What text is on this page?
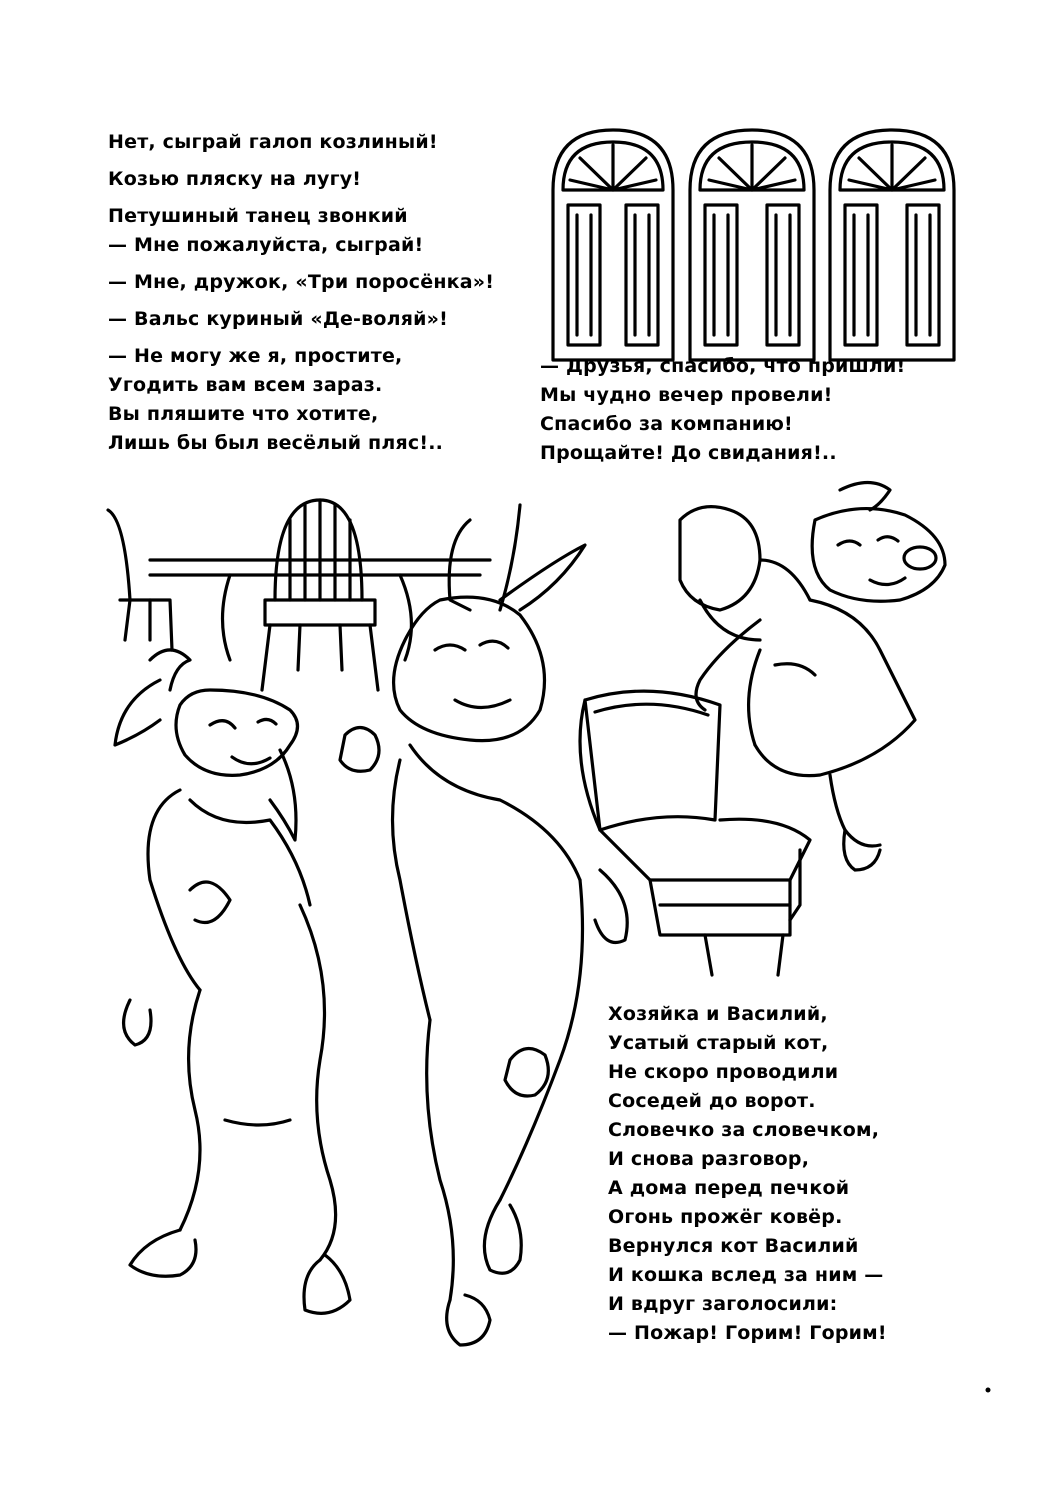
Нет, сыграй галоп козлиный!
Козью пляску на лугу!
Петушиный танец звонкий
— Мне пожалуйста, сыграй!
— Мне, дружок, «Три поросёнка»!
— Вальс куриный «Де-воляй»!
— Не могу же я, простите,
Угодить вам всем зараз.
Вы пляшите что хотите,
Лишь бы был весёлый пляс!..
— Друзья, спасибо, что пришли!
Мы чудно вечер провели!
Спасибо за компанию!
Прощайте! До свидания!..
Хозяйка и Василий,
Усатый старый кот,
Не скоро проводили
Соседей до ворот.
Словечко за словечком,
И снова разговор,
А дома перед печкой
Огонь прожёг ковёр.
Вернулся кот Василий
И кошка вслед за ним —
И вдруг заголосили:
— Пожар! Горим! Горим!
